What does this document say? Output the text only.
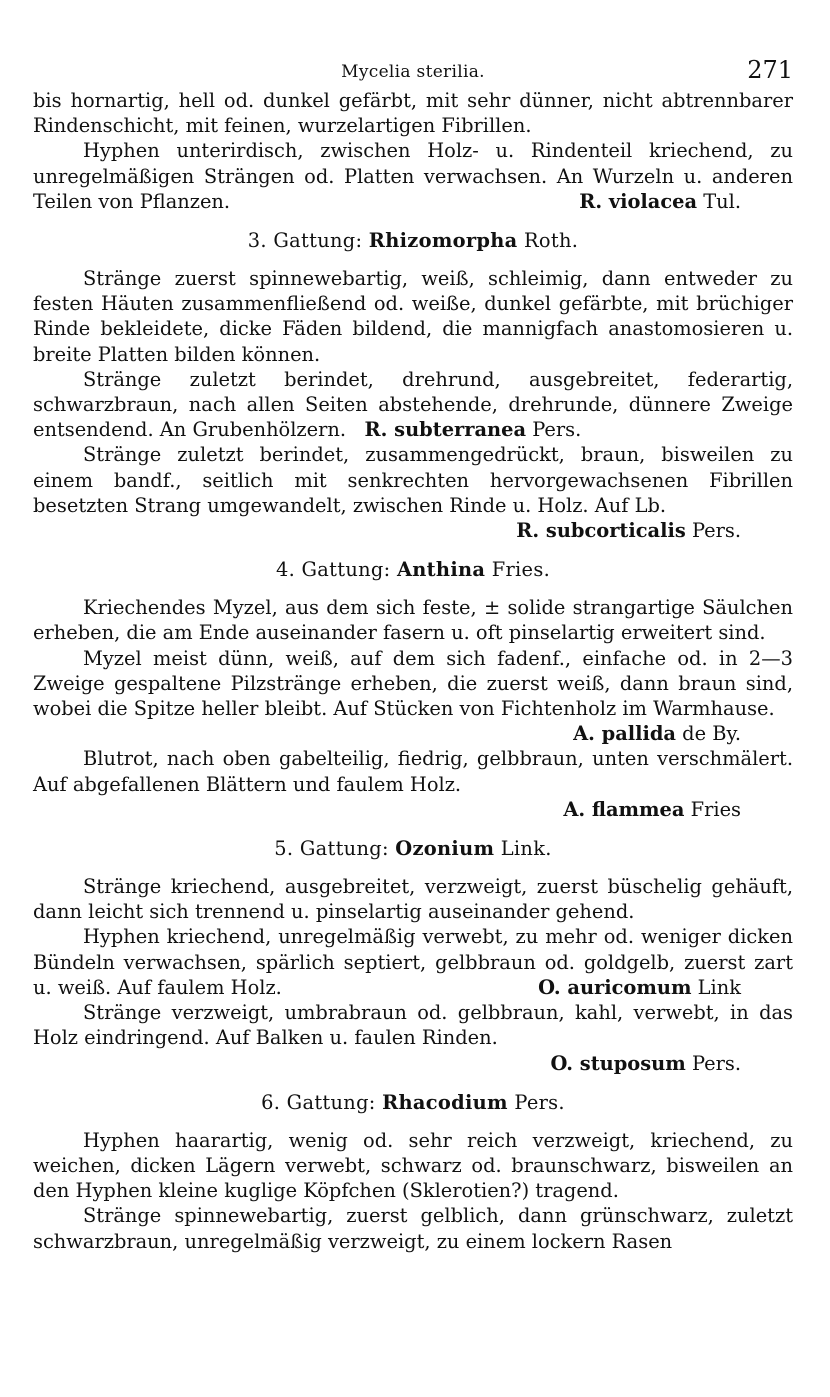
Mycelia sterilia.	271

bis hornartig, hell od. dunkel gefärbt, mit sehr dünner, nicht abtrennbarer Rindenschicht, mit feinen, wurzelartigen Fibrillen.

Hyphen unterirdisch, zwischen Holz- u. Rindenteil kriechend, zu unregelmäßigen Strängen od. Platten verwachsen. An Wurzeln u. anderen Teilen von Pflanzen.	R. violacea Tul.

3. Gattung: Rhizomorpha Roth.

Stränge zuerst spinnewebartig, weiß, schleimig, dann entweder zu festen Häuten zusammenfließend od. weiße, dunkel gefärbte, mit brüchiger Rinde bekleidete, dicke Fäden bildend, die mannigfach anastomosieren u. breite Platten bilden können.

Stränge zuletzt berindet, drehrund, ausgebreitet, federartig, schwarzbraun, nach allen Seiten abstehende, drehrunde, dünnere Zweige entsendend. An Grubenhölzern. R. subterranea Pers.

Stränge zuletzt berindet, zusammengedrückt, braun, bisweilen zu einem bandf., seitlich mit senkrechten hervorgewachsenen Fibrillen besetzten Strang umgewandelt, zwischen Rinde u. Holz. Auf Lb.

R. subcorticalis Pers.

4. Gattung: Anthina Fries.

Kriechendes Myzel, aus dem sich feste, ± solide strangartige Säulchen erheben, die am Ende auseinander fasern u. oft pinselartig erweitert sind.

Myzel meist dünn, weiß, auf dem sich fadenf., einfache od. in 2—3 Zweige gespaltene Pilzstränge erheben, die zuerst weiß, dann braun sind, wobei die Spitze heller bleibt. Auf Stücken von Fichtenholz im Warmhause.
A. pallida de By.

Blutrot, nach oben gabelteilig, fiedrig, gelbbraun, unten verschmälert. Auf abgefallenen Blättern und faulem Holz.

A. flammea Fries

5. Gattung: Ozonium Link.

Stränge kriechend, ausgebreitet, verzweigt, zuerst büschelig gehäuft, dann leicht sich trennend u. pinselartig auseinander gehend.

Hyphen kriechend, unregelmäßig verwebt, zu mehr od. weniger dicken Bündeln verwachsen, spärlich septiert, gelbbraun od. goldgelb, zuerst zart u. weiß. Auf faulem Holz.	O. auricomum Link

Stränge verzweigt, umbrabraun od. gelbbraun, kahl, verwebt, in das Holz eindringend. Auf Balken u. faulen Rinden.

O. stuposum Pers.

6. Gattung: Rhacodium Pers.

Hyphen haarartig, wenig od. sehr reich verzweigt, kriechend, zu weichen, dicken Lägern verwebt, schwarz od. braunschwarz, bisweilen an den Hyphen kleine kuglige Köpfchen (Sklerotien?) tragend.

Stränge spinnewebartig, zuerst gelblich, dann grünschwarz, zuletzt schwarzbraun, unregelmäßig verzweigt, zu einem lockern Rasen
